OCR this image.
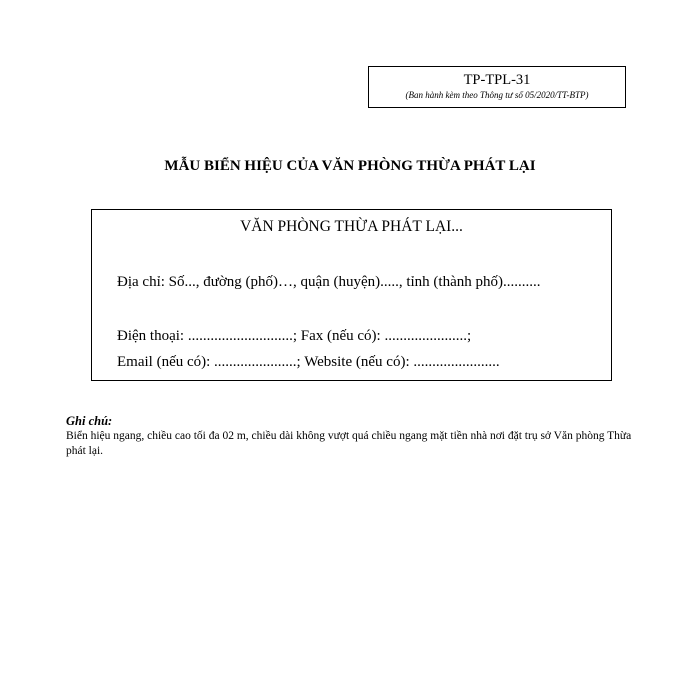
TP-TPL-31
(Ban hành kèm theo Thông tư số 05/2020/TT-BTP)
MẪU BIỂN HIỆU CỦA VĂN PHÒNG THỪA PHÁT LẠI
VĂN PHÒNG THỪA PHÁT LẠI...
Địa chỉ: Số..., đường (phố)…, quận (huyện)....., tỉnh (thành phố)..........
Điện thoại: ............................; Fax (nếu có): ......................;
Email (nếu có): ......................; Website (nếu có): .......................
Ghi chú:
Biển hiệu ngang, chiều cao tối đa 02 m, chiều dài không vượt quá chiều ngang mặt tiền nhà nơi đặt trụ sở Văn phòng Thừa phát lại.
